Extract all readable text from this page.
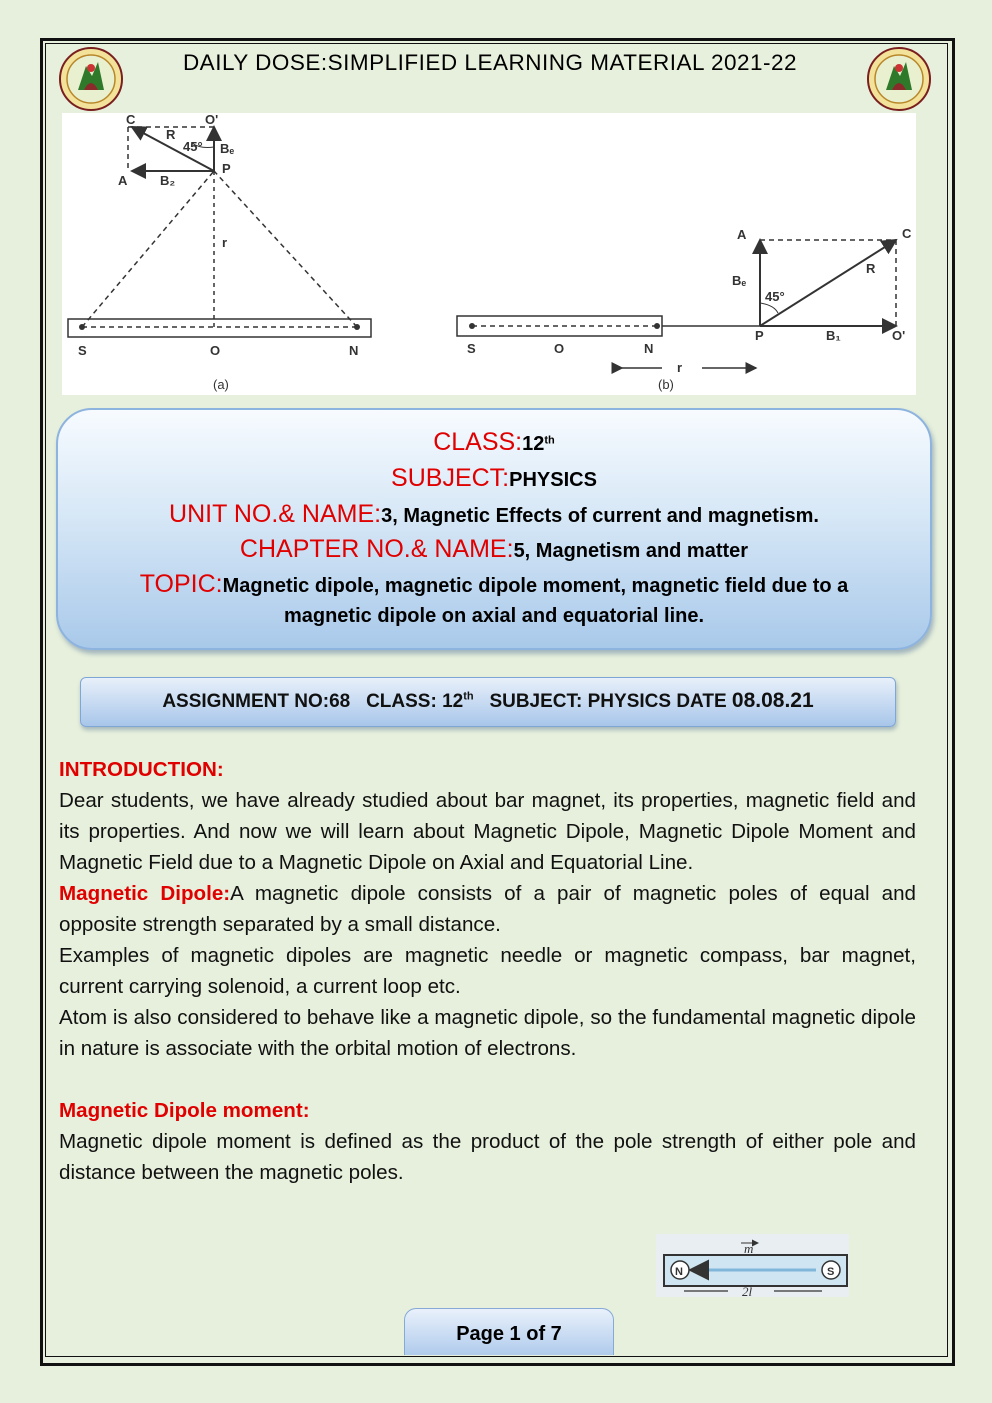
DAILY DOSE:SIMPLIFIED LEARNING MATERIAL 2021-22
C	O'
R
45° Bₑ
P
A	B₂
r
S	O	N
(a)
A	C
R
Bₑ
45°
S	O	N
P	B₁	O'
r
(b)
CLASS:12th
SUBJECT:PHYSICS
UNIT NO.& NAME:3, Magnetic Effects of current and magnetism.
CHAPTER NO.& NAME:5, Magnetism and matter
TOPIC:Magnetic dipole, magnetic dipole moment, magnetic field due to a
magnetic dipole on axial and equatorial line.
ASSIGNMENT NO:68   CLASS: 12th   SUBJECT: PHYSICS DATE 08.08.21

INTRODUCTION:

Dear students, we have already studied about bar magnet, its properties, magnetic field and its properties. And now we will learn about Magnetic Dipole, Magnetic Dipole Moment and Magnetic Field due to a Magnetic Dipole on Axial and Equatorial Line.

Magnetic Dipole:A magnetic dipole consists of a pair of magnetic poles of equal and opposite strength separated by a small distance.

Examples of magnetic dipoles are magnetic needle or magnetic compass, bar magnet, current carrying solenoid, a current loop etc.

Atom is also considered to behave like a magnetic dipole, so the fundamental magnetic dipole in nature is associate with the orbital motion of electrons.

Magnetic Dipole moment:

Magnetic dipole moment is defined as the product of the pole strength of either pole and distance between the magnetic poles.

m
N	S
2l
Page 1 of 7
